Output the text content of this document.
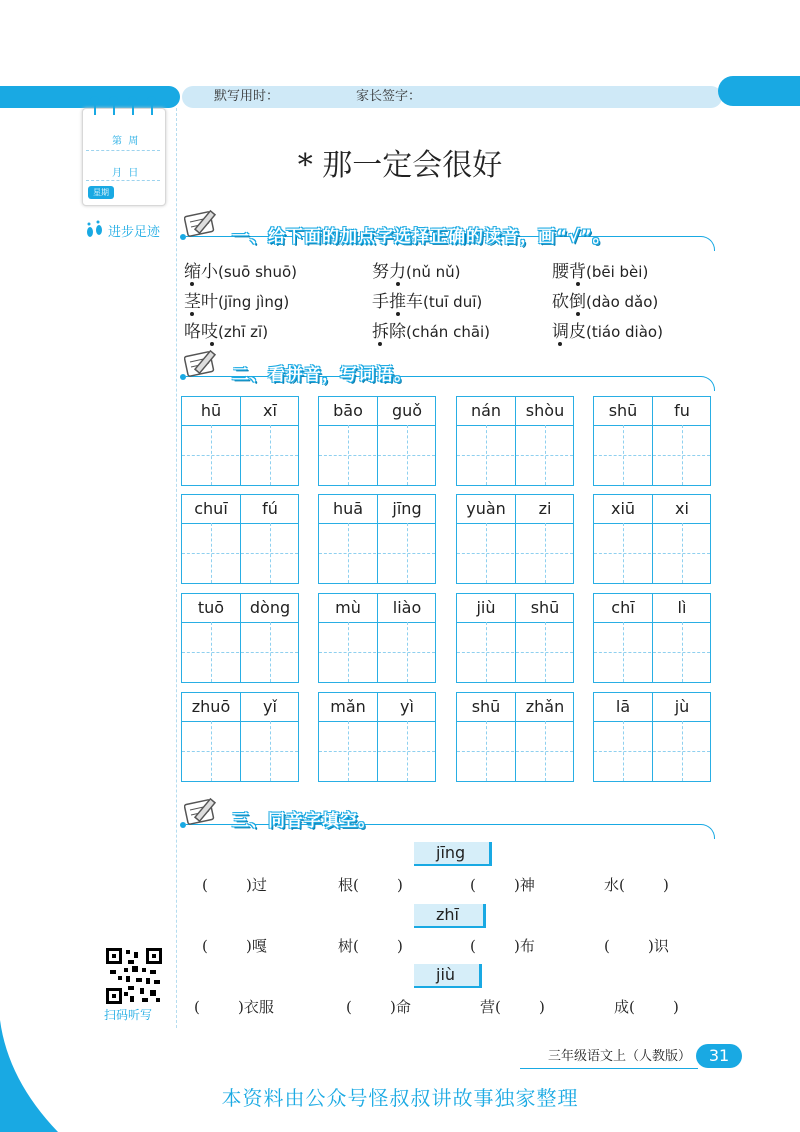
默写用时：	家长签字：
第  周
月  日
星期
进步足迹
* 那一定会很好
一、给下面的加点字选择正确的读音，画“√”。
缩小(suō shuō)	努力(nǔ nǔ)	腰背(bēi bèi)
茎叶(jīng jìng)	手推车(tuī duī)	砍倒(dào dǎo)
咯吱(zhī zī)	拆除(chán chāi)	调皮(tiáo diào)
二、看拼音，写词语。
hū	xī	bāo	guǒ	nán	shòu	shū	fu
chuī	fú	huā	jīng	yuàn	zi	xiū	xi
tuō	dòng	mù	liào	jiù	shū	chī	lì
zhuō	yǐ	mǎn	yì	shū	zhǎn	lā	jù
三、同音字填空。
jīng
(        )过	根(        )	(        )神	水(        )
zhī
(        )嘎	树(        )	(        )布	(        )识
jiù
(        )衣服	(        )命	营(        )	成(        )
扫码听写
三年级语文上（人教版）	31
本资料由公众号怪叔叔讲故事独家整理
